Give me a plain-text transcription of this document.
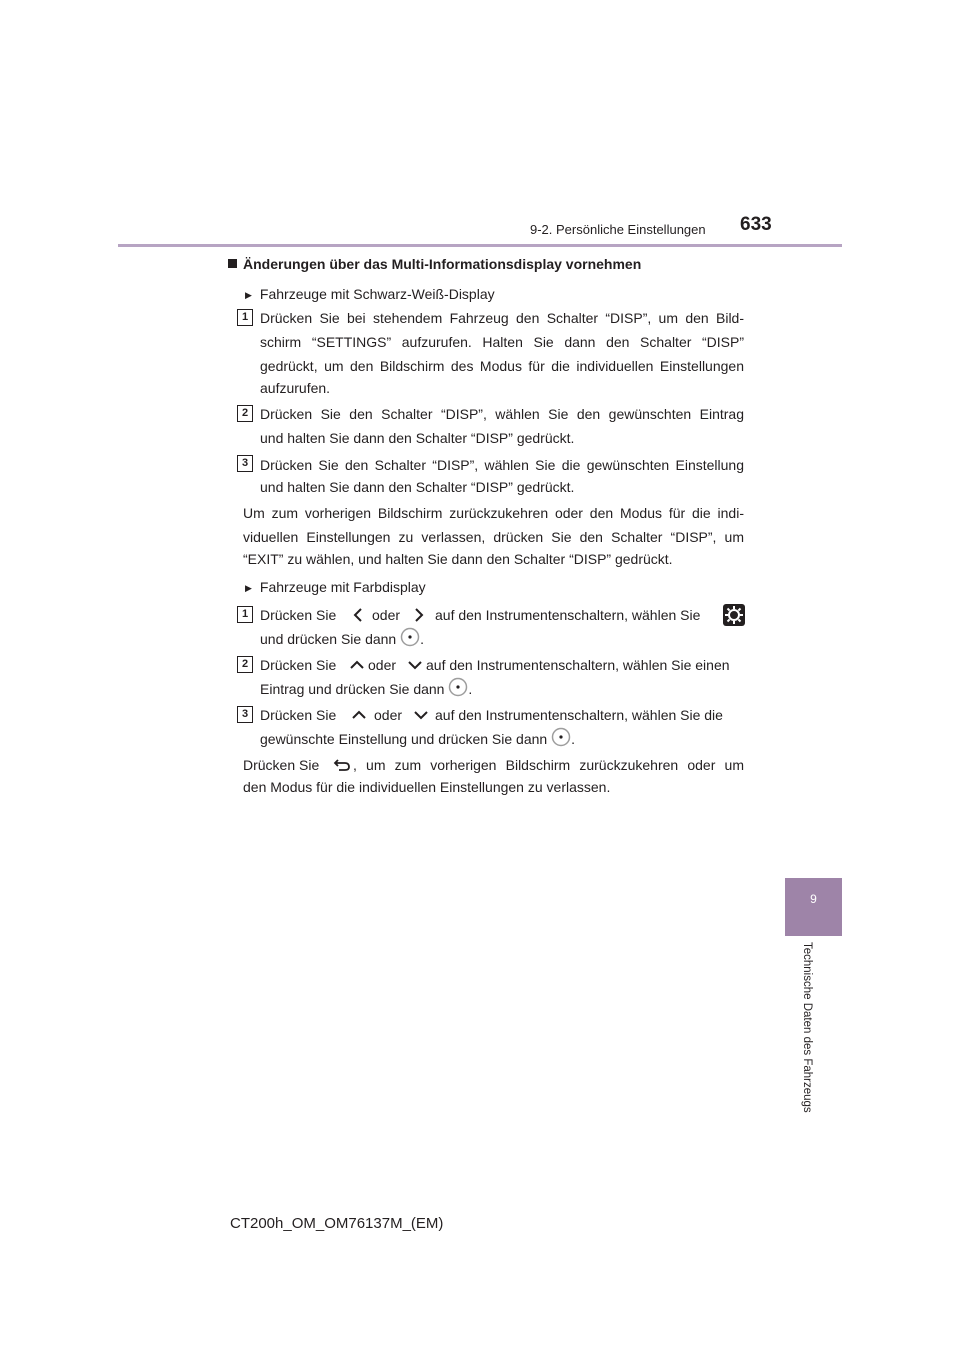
9-2. Persönliche Einstellungen 633
9
Technische Daten des Fahrzeugs
Änderungen über das Multi-Informationsdisplay vornehmen
▶ Fahrzeuge mit Schwarz-Weiß-Display
1 Drücken Sie bei stehendem Fahrzeug den Schalter “DISP”, um den Bild-
schirm “SETTINGS” aufzurufen. Halten Sie dann den Schalter “DISP”
gedrückt, um den Bildschirm des Modus für die individuellen Einstellungen
aufzurufen.
2 Drücken Sie den Schalter “DISP”, wählen Sie den gewünschten Eintrag
und halten Sie dann den Schalter “DISP” gedrückt.
3 Drücken Sie den Schalter “DISP”, wählen Sie die gewünschten Einstellung
und halten Sie dann den Schalter “DISP” gedrückt.
Um zum vorherigen Bildschirm zurückzukehren oder den Modus für die indi-
viduellen Einstellungen zu verlassen, drücken Sie den Schalter “DISP”, um
“EXIT” zu wählen, und halten Sie dann den Schalter “DISP” gedrückt.
▶ Fahrzeuge mit Farbdisplay
1 Drücken Sie	oder auf den Instrumentenschaltern, wählen Sie
und drücken Sie dann .
2 Drücken Sie oder auf den Instrumentenschaltern, wählen Sie einen
Eintrag und drücken Sie dann .
3 Drücken Sie	oder auf den Instrumentenschaltern, wählen Sie die
gewünschte Einstellung und drücken Sie dann .
Drücken Sie , um zum vorherigen Bildschirm zurückzukehren oder um
den Modus für die individuellen Einstellungen zu verlassen.
CT200h_OM_OM76137M_(EM)
